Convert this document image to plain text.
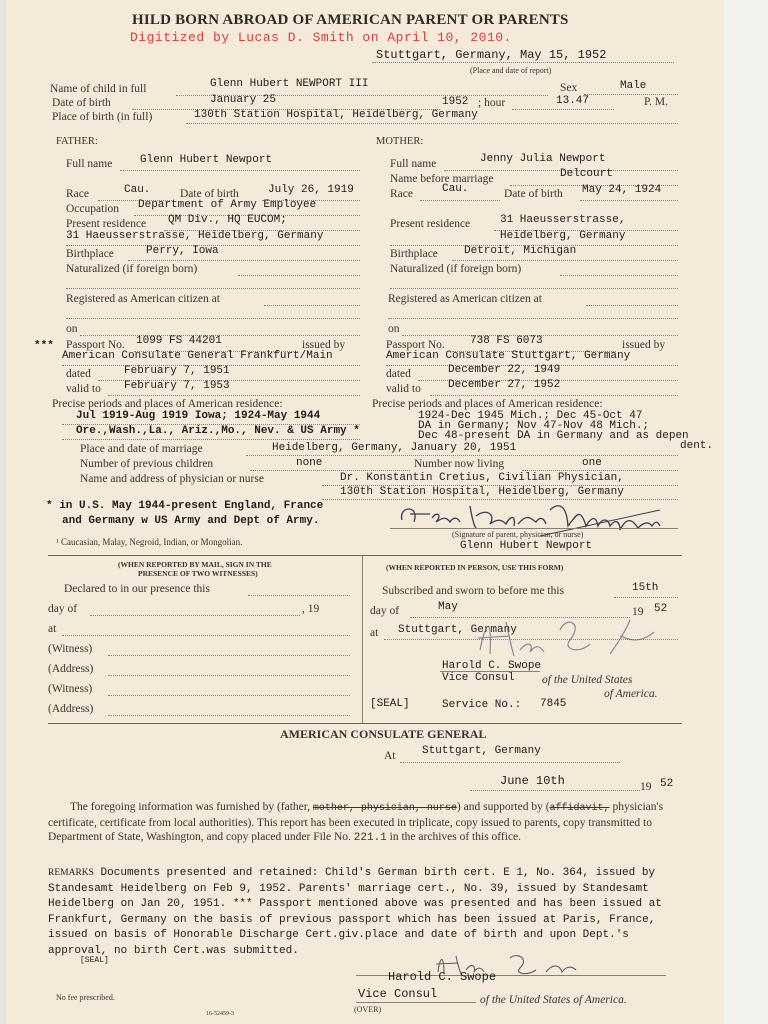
HILD BORN ABROAD OF AMERICAN PARENT OR PARENTS
Digitized by Lucas D. Smith on April 10, 2010.
Stuttgart, Germany, May 15, 1952
(Place and date of report)
Name of child in full	Glenn Hubert NEWPORT III	Sex	Male
Date of birth	January 25	1952 ; hour	13.47	P. M.
Place of birth (in full)	130th Station Hospital, Heidelberg, Germany
FATHER:
Full name	Glenn Hubert Newport
Race	Cau.	Date of birth	July 26, 1919
Occupation Department of Army Employee
Present residence QM Div., HQ EUCOM;
31 Haeusserstrasse, Heidelberg, Germany
Birthplace	Perry, Iowa
Naturalized (if foreign born)
Registered as American citizen at
on
*** Passport No. 1099 FS 44201	issued by
American Consulate General Frankfurt/Main
dated	February 7, 1951
valid to February 7, 1953
Precise periods and places of American residence:
Jul 1919-Aug 1919 Iowa; 1924-May 1944
Ore.,Wash.,La., Ariz.,Mo., Nev. & US Army *
MOTHER:
Full name	Jenny Julia Newport
Name before marriage	Delcourt
Race	Cau.	Date of birth May 24, 1924
Present residence	31 Haeusserstrasse,
Heidelberg, Germany
Birthplace Detroit, Michigan
Naturalized (if foreign born)
Registered as American citizen at
on
Passport No. 738 FS 6073	issued by
American Consulate Stuttgart, Germany
dated	December 22, 1949
valid to December 27, 1952
Precise periods and places of American residence:
1924-Dec 1945 Mich.; Dec 45-Oct 47
DA in Germany; Nov 47-Nov 48 Mich.;
Dec 48-present DA in Germany and as depen
dent.
Place and date of marriage	Heidelberg, Germany, January 20, 1951
Number of previous children	none	Number now living	one
Name and address of physician or nurse	Dr. Konstantin Cretius, Civilian Physician,
130th Station Hospital, Heidelberg, Germany
* in U.S. May 1944-present England, France
and Germany w US Army and Dept of Army.
(Signature of parent, physician, or nurse)
Glenn Hubert Newport
¹ Caucasian, Malay, Negroid, Indian, or Mongolian.
(WHEN REPORTED BY MAIL, SIGN IN THE
PRESENCE OF TWO WITNESSES)
(WHEN REPORTED IN PERSON, USE THIS FORM)
Declared to in our presence this
day of	, 19
at
(Witness)
(Address)
(Witness)
(Address)
Subscribed and sworn to before me this	15th
day of	May	19 52
at Stuttgart, Germany
Harold C. Swope
Vice Consul of the United States
of America.
[SEAL]	Service No.: 7845
AMERICAN CONSULATE GENERAL
At Stuttgart, Germany
June 10th	19 52
The foregoing information was furnished by (father, mother, physician, nurse) and supported by (affidavit, physician's certificate, certificate from local authorities). This report has been executed in triplicate, copy issued to parents, copy transmitted to Department of State, Washington, and copy placed under File No. 221.1 in the archives of this office.
REMARKS Documents presented and retained: Child's German birth cert. E 1, No. 364, issued by Standesamt Heidelberg on Feb 9, 1952. Parents' marriage cert., No. 39, issued by Standesamt Heidelberg on Jan 20, 1951. *** Passport mentioned above was presented and has been issued at Frankfurt, Germany on the basis of previous passport which has been issued at Paris, France, issued on basis of Honorable Discharge Cert.giv.place and date of birth and upon Dept.'s approval, no birth Cert.was submitted.
[SEAL]
Harold C. Swope
Vice Consul	of the United States of America.
No fee prescribed.
16-52459-3	(OVER)
